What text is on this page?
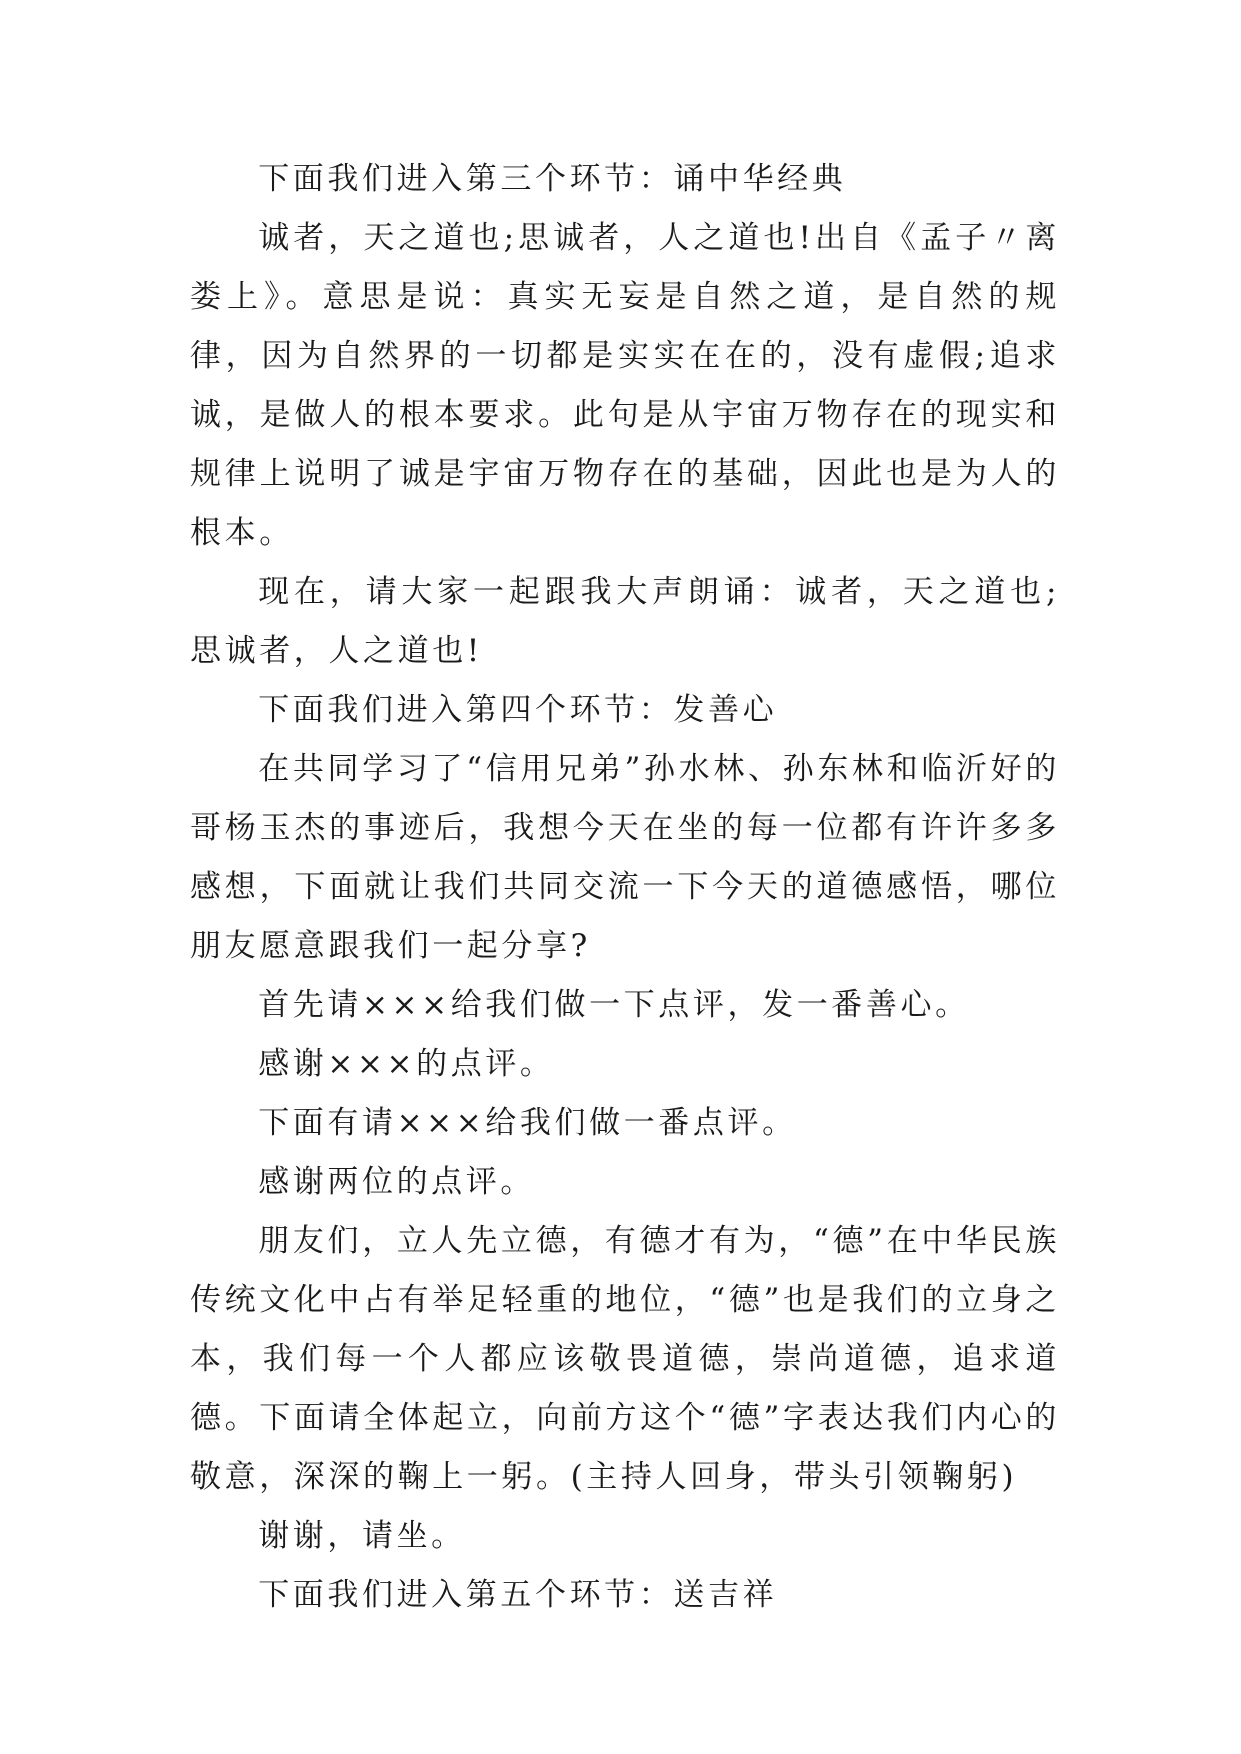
下面我们进入第三个环节：诵中华经典

诚者，天之道也;思诚者，人之道也!出自《孟子〃离娄上》。意思是说：真实无妄是自然之道，是自然的规律，因为自然界的一切都是实实在在的，没有虚假;追求诚，是做人的根本要求。此句是从宇宙万物存在的现实和规律上说明了诚是宇宙万物存在的基础，因此也是为人的根本。

现在，请大家一起跟我大声朗诵：诚者，天之道也;思诚者，人之道也!

下面我们进入第四个环节：发善心

在共同学习了“信用兄弟”孙水林、孙东林和临沂好的哥杨玉杰的事迹后，我想今天在坐的每一位都有许许多多感想，下面就让我们共同交流一下今天的道德感悟，哪位朋友愿意跟我们一起分享?

首先请×××给我们做一下点评，发一番善心。

感谢×××的点评。

下面有请×××给我们做一番点评。

感谢两位的点评。

朋友们，立人先立德，有德才有为，“德”在中华民族传统文化中占有举足轻重的地位，“德”也是我们的立身之本，我们每一个人都应该敬畏道德，崇尚道德，追求道德。下面请全体起立，向前方这个“德”字表达我们内心的敬意，深深的鞠上一躬。(主持人回身，带头引领鞠躬)

谢谢，请坐。

下面我们进入第五个环节：送吉祥
